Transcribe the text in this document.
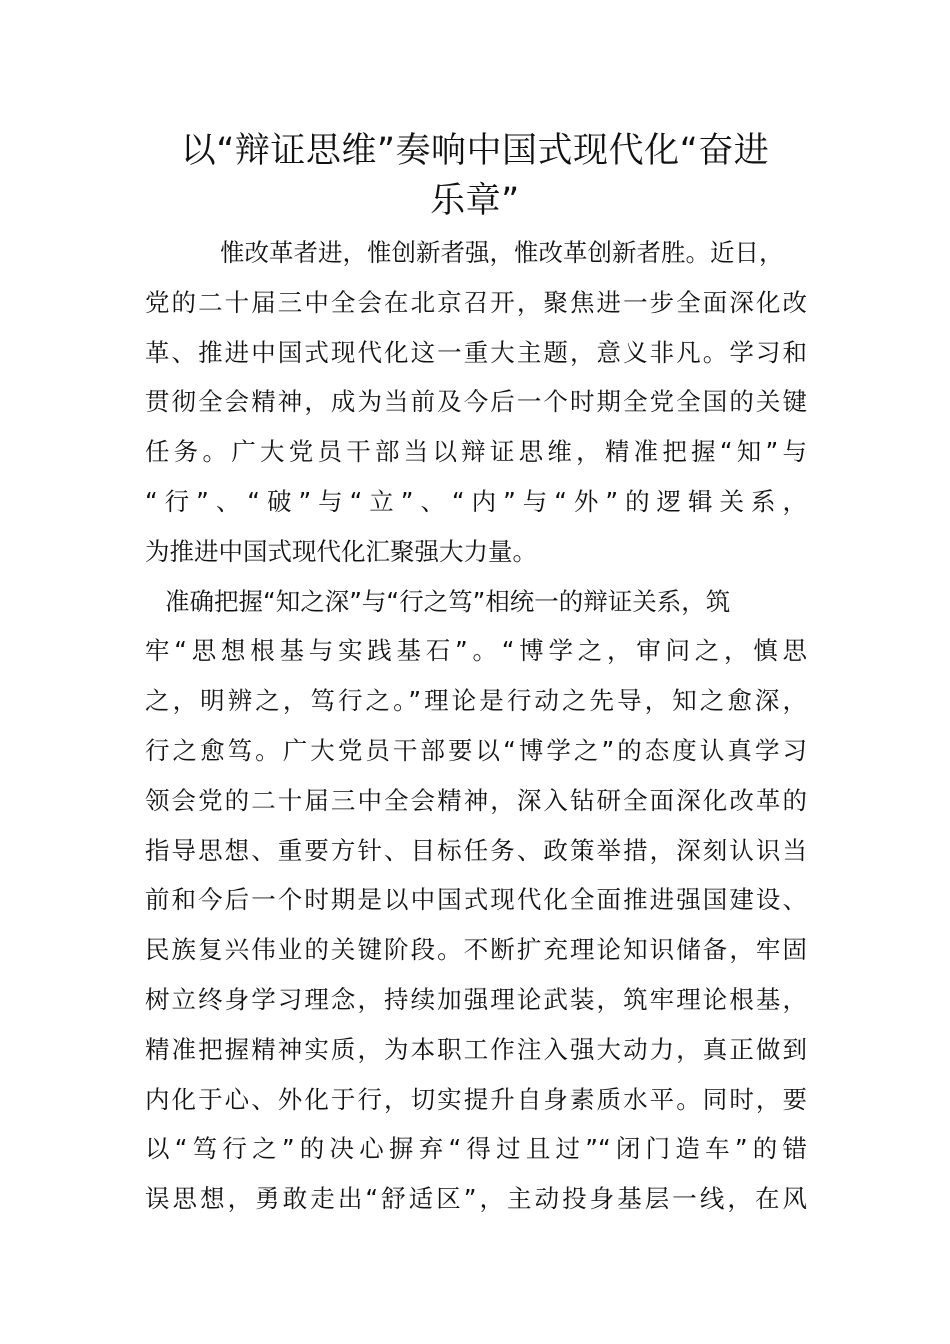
以“辩证思维”奏响中国式现代化“奋进
乐章”
惟改革者进，惟创新者强，惟改革创新者胜。近日，
党的二十届三中全会在北京召开，聚焦进一步全面深化改
革、推进中国式现代化这一重大主题，意义非凡。学习和
贯彻全会精神，成为当前及今后一个时期全党全国的关键
任务。广大党员干部当以辩证思维，精准把握“知”与
“行”、“破”与“立”、“内”与“外”的逻辑关系，
为推进中国式现代化汇聚强大力量。
准确把握“知之深”与“行之笃”相统一的辩证关系，筑
牢“思想根基与实践基石”。“博学之，审问之，慎思
之，明辨之，笃行之。”理论是行动之先导，知之愈深，
行之愈笃。广大党员干部要以“博学之”的态度认真学习
领会党的二十届三中全会精神，深入钻研全面深化改革的
指导思想、重要方针、目标任务、政策举措，深刻认识当
前和今后一个时期是以中国式现代化全面推进强国建设、
民族复兴伟业的关键阶段。不断扩充理论知识储备，牢固
树立终身学习理念，持续加强理论武装，筑牢理论根基，
精准把握精神实质，为本职工作注入强大动力，真正做到
内化于心、外化于行，切实提升自身素质水平。同时，要
以“笃行之”的决心摒弃“得过且过”“闭门造车”的错
误思想，勇敢走出“舒适区”，主动投身基层一线，在风
